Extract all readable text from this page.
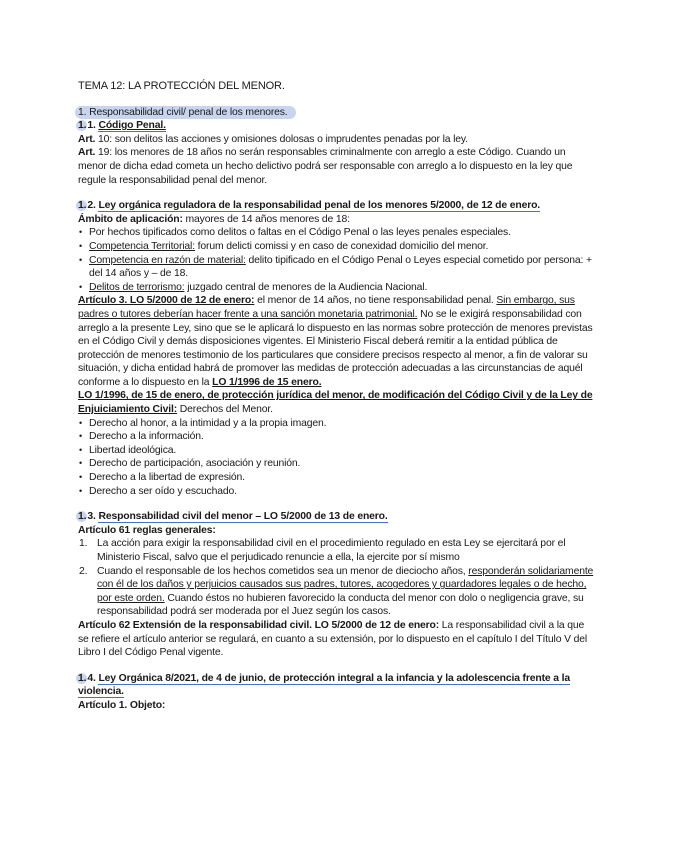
TEMA 12: LA PROTECCIÓN DEL MENOR.

1. Responsabilidad civil/ penal de los menores.

1.1. Código Penal.

Art. 10: son delitos las acciones y omisiones dolosas o imprudentes penadas por la ley.

Art. 19: los menores de 18 años no serán responsables criminalmente con arreglo a este Código. Cuando un menor de dicha edad cometa un hecho delictivo podrá ser responsable con arreglo a lo dispuesto en la ley que regule la responsabilidad penal del menor.

1.2. Ley orgánica reguladora de la responsabilidad penal de los menores 5/2000, de 12 de enero.

Ámbito de aplicación: mayores de 14 años menores de 18:

• Por hechos tipificados como delitos o faltas en el Código Penal o las leyes penales especiales.
• Competencia Territorial: forum delicti comissi y en caso de conexidad domicilio del menor.
• Competencia en razón de material: delito tipificado en el Código Penal o Leyes especial cometido por persona: + del 14 años y – de 18.
• Delitos de terrorismo: juzgado central de menores de la Audiencia Nacional.

Artículo 3. LO 5/2000 de 12 de enero: el menor de 14 años, no tiene responsabilidad penal. Sin embargo, sus padres o tutores deberían hacer frente a una sanción monetaria patrimonial. No se le exigirá responsabilidad con arreglo a la presente Ley, sino que se le aplicará lo dispuesto en las normas sobre protección de menores previstas en el Código Civil y demás disposiciones vigentes. El Ministerio Fiscal deberá remitir a la entidad pública de protección de menores testimonio de los particulares que considere precisos respecto al menor, a fin de valorar su situación, y dicha entidad habrá de promover las medidas de protección adecuadas a las circunstancias de aquél conforme a lo dispuesto en la LO 1/1996 de 15 enero.

LO 1/1996, de 15 de enero, de protección jurídica del menor, de modificación del Código Civil y de la Ley de Enjuiciamiento Civil: Derechos del Menor.

• Derecho al honor, a la intimidad y a la propia imagen.
• Derecho a la información.
• Libertad ideológica.
• Derecho de participación, asociación y reunión.
• Derecho a la libertad de expresión.
• Derecho a ser oído y escuchado.

1.3. Responsabilidad civil del menor – LO 5/2000 de 13 de enero.

Artículo 61 reglas generales:

1. La acción para exigir la responsabilidad civil en el procedimiento regulado en esta Ley se ejercitará por el Ministerio Fiscal, salvo que el perjudicado renuncie a ella, la ejercite por sí mismo
2. Cuando el responsable de los hechos cometidos sea un menor de dieciocho años, responderán solidariamente con él de los daños y perjuicios causados sus padres, tutores, acogedores y guardadores legales o de hecho, por este orden. Cuando éstos no hubieren favorecido la conducta del menor con dolo o negligencia grave, su responsabilidad podrá ser moderada por el Juez según los casos.

Artículo 62 Extensión de la responsabilidad civil. LO 5/2000 de 12 de enero: La responsabilidad civil a la que se refiere el artículo anterior se regulará, en cuanto a su extensión, por lo dispuesto en el capítulo I del Título V del Libro I del Código Penal vigente.

1.4. Ley Orgánica 8/2021, de 4 de junio, de protección integral a la infancia y la adolescencia frente a la violencia.

Artículo 1. Objeto:
